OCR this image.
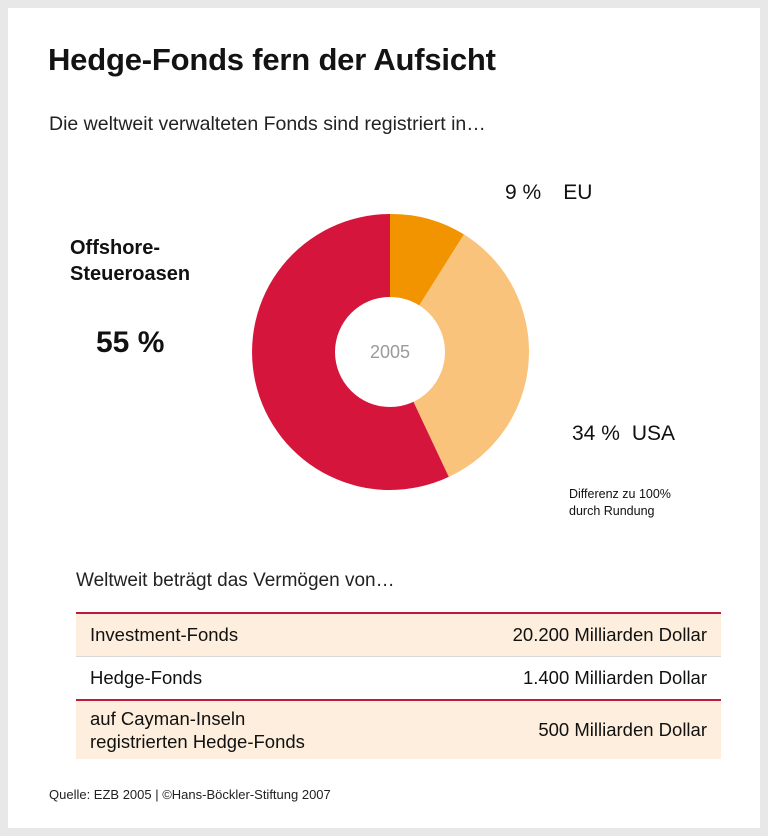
Hedge-Fonds fern der Aufsicht
Die weltweit verwalteten Fonds sind registriert in…
2005
9 % EU
34 % USA
Offshore-
Steueroasen
55 %
Differenz zu 100%
durch Rundung
Weltweit beträgt das Vermögen von…
Investment-Fonds	20.200 Milliarden Dollar
Hedge-Fonds	1.400 Milliarden Dollar
auf Cayman-Inseln
registrierten Hedge-Fonds
500 Milliarden Dollar
Quelle: EZB 2005 | ©Hans-Böckler-Stiftung 2007
